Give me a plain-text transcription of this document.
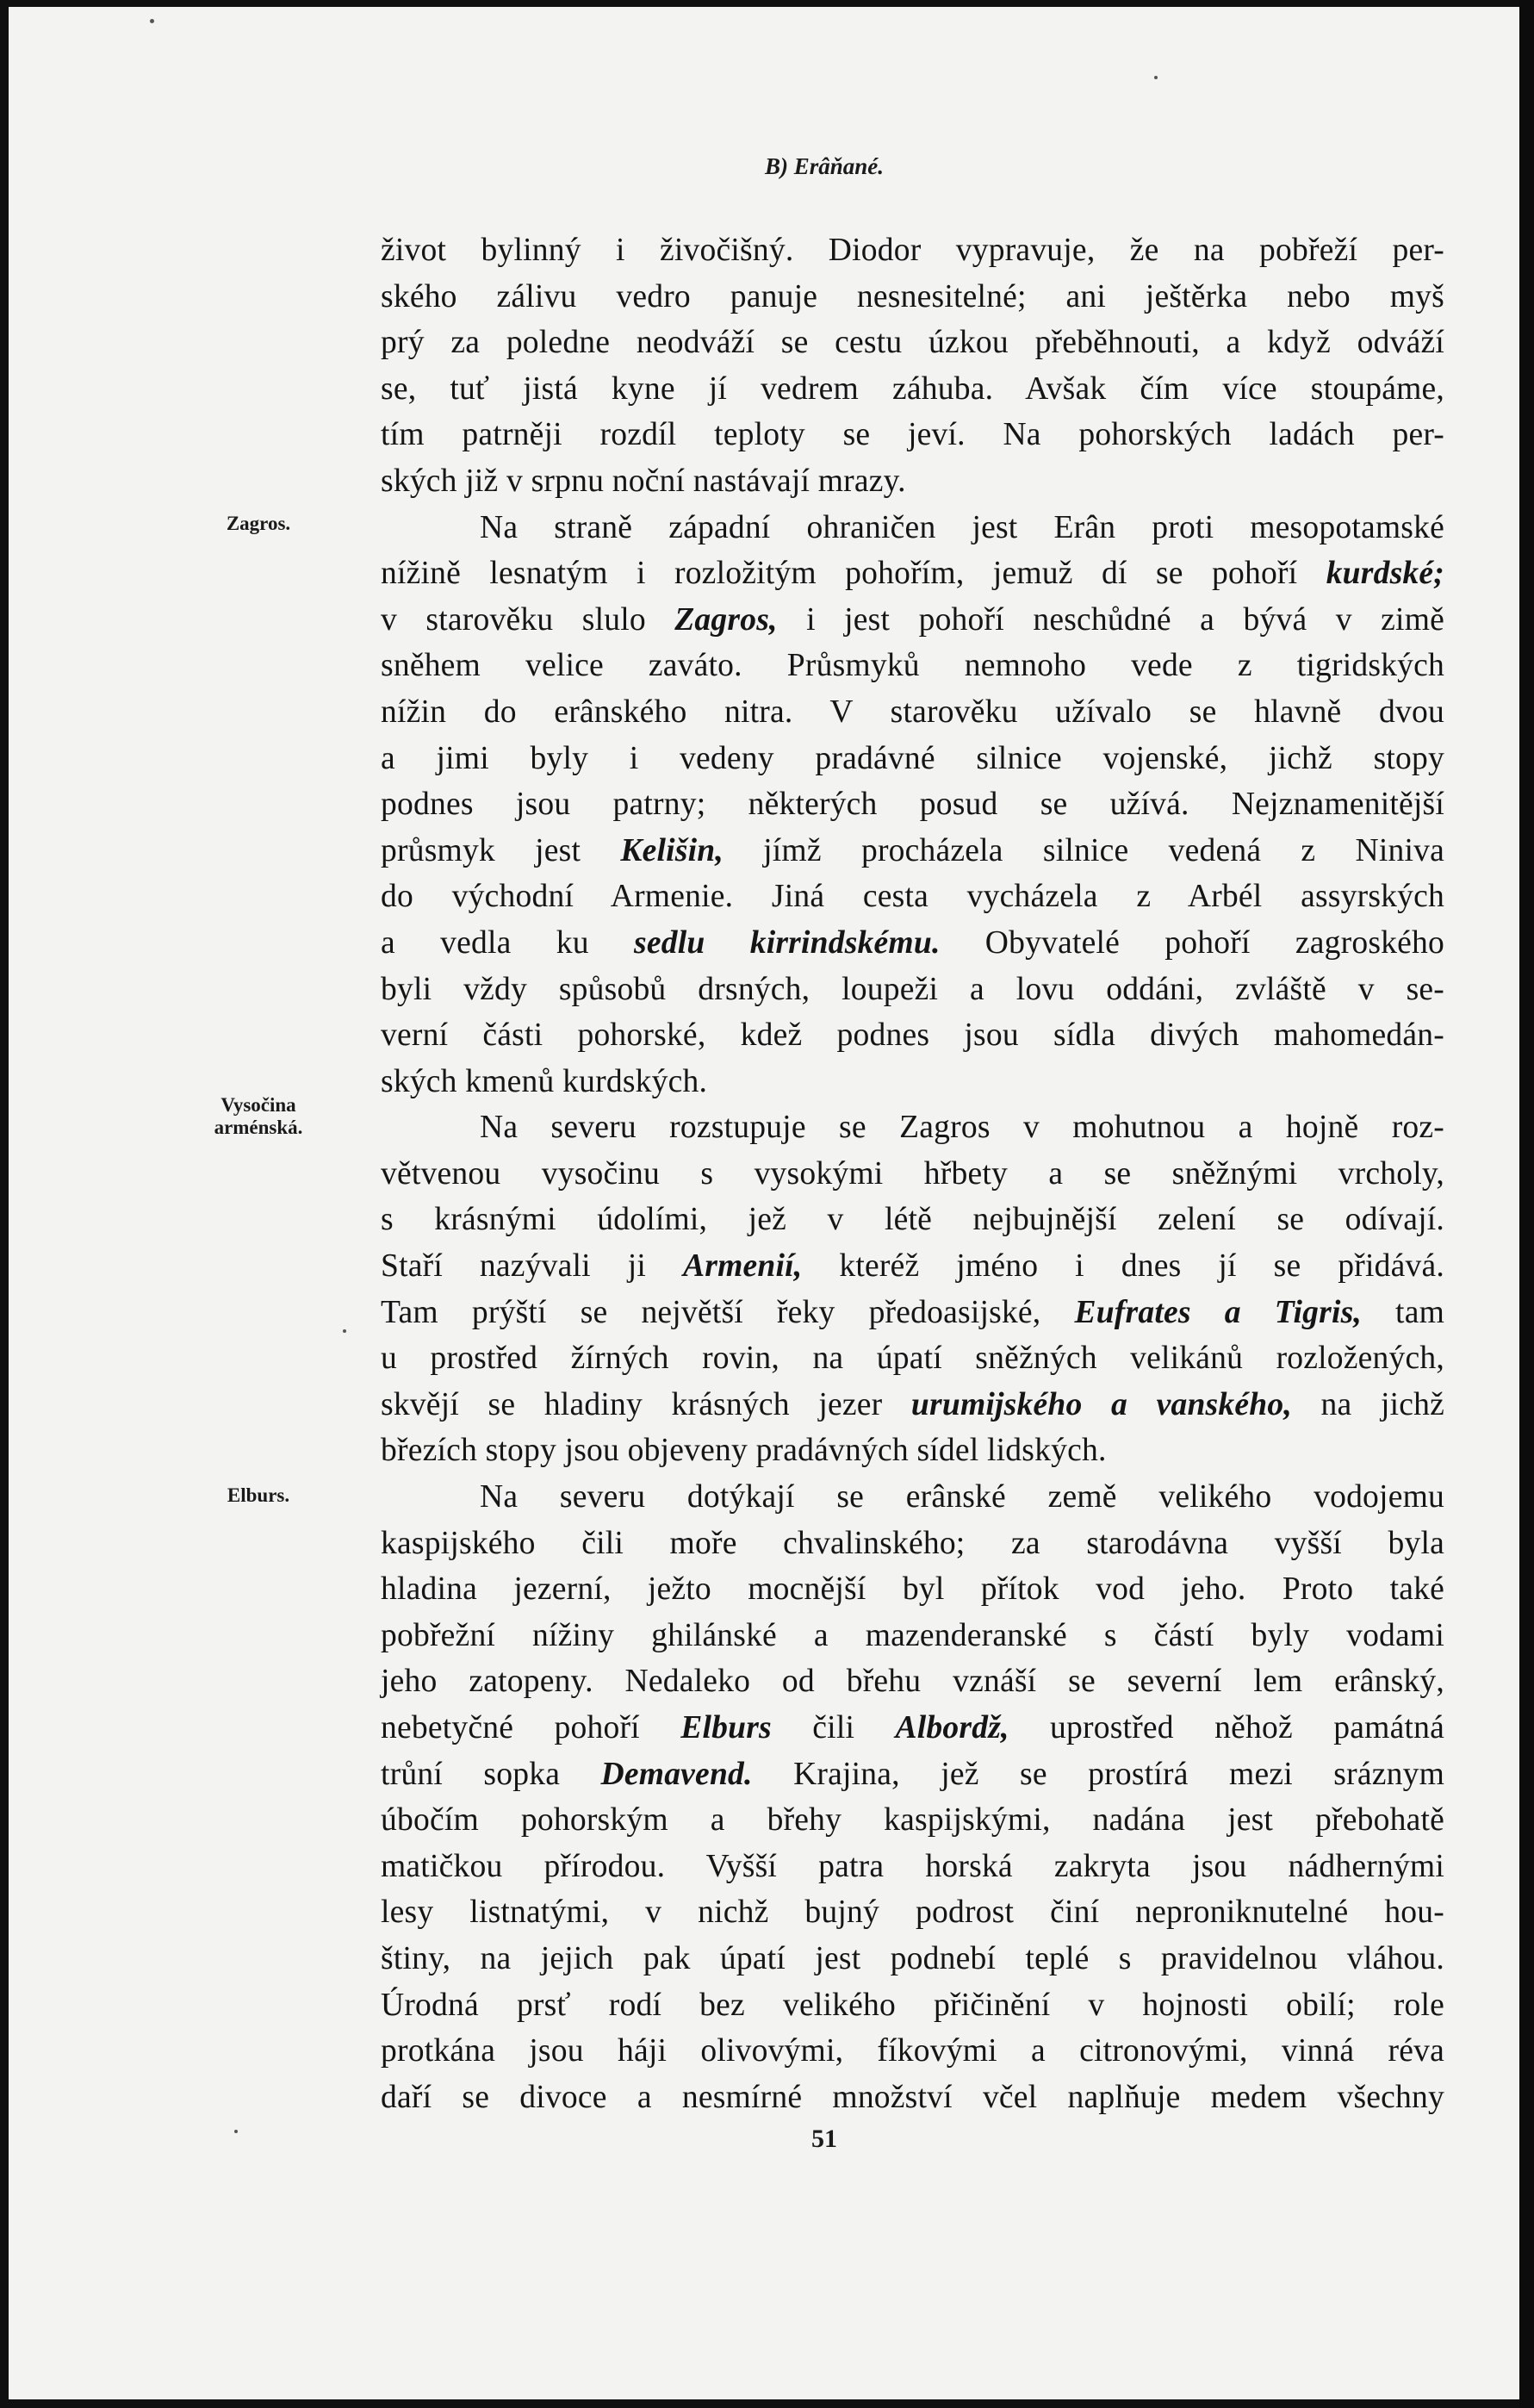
B) Erâňané.
Zagros.
Vysočina
arménská.
Elburs.
život bylinný i živočišný. Diodor vypravuje, že na pobřeží per-
ského zálivu vedro panuje nesnesitelné; ani ještěrka nebo myš
prý za poledne neodváží se cestu úzkou přeběhnouti, a když odváží
se, tuť jistá kyne jí vedrem záhuba. Avšak čím více stoupáme,
tím patrněji rozdíl teploty se jeví. Na pohorských ladách per-
ských již v srpnu noční nastávají mrazy.
Na straně západní ohraničen jest Erân proti mesopotamské
nížině lesnatým i rozložitým pohořím, jemuž dí se pohoří kurdské;
v starověku slulo Zagros, i jest pohoří neschůdné a bývá v zimě
sněhem velice zaváto. Průsmyků nemnoho vede z tigridských
nížin do erânského nitra. V starověku užívalo se hlavně dvou
a jimi byly i vedeny pradávné silnice vojenské, jichž stopy
podnes jsou patrny; některých posud se užívá. Nejznamenitější
průsmyk jest Kelišin, jímž procházela silnice vedená z Niniva
do východní Armenie. Jiná cesta vycházela z Arbél assyrských
a vedla ku sedlu kirrindskému. Obyvatelé pohoří zagroského
byli vždy spůsobů drsných, loupeži a lovu oddáni, zvláště v se-
verní části pohorské, kdež podnes jsou sídla divých mahomedán-
ských kmenů kurdských.
Na severu rozstupuje se Zagros v mohutnou a hojně roz-
větvenou vysočinu s vysokými hřbety a se sněžnými vrcholy,
s krásnými údolími, jež v létě nejbujnější zelení se odívají.
Staří nazývali ji Armenií, kteréž jméno i dnes jí se přidává.
Tam prýští se největší řeky předoasijské, Eufrates a Tigris, tam
u prostřed žírných rovin, na úpatí sněžných velikánů rozložených,
skvějí se hladiny krásných jezer urumijského a vanského, na jichž
březích stopy jsou objeveny pradávných sídel lidských.
Na severu dotýkají se erânské země velikého vodojemu
kaspijského čili moře chvalinského; za starodávna vyšší byla
hladina jezerní, ježto mocnější byl přítok vod jeho. Proto také
pobřežní nížiny ghilánské a mazenderanské s částí byly vodami
jeho zatopeny. Nedaleko od břehu vznáší se severní lem erânský,
nebetyčné pohoří Elburs čili Albordž, uprostřed něhož památná
trůní sopka Demavend. Krajina, jež se prostírá mezi sráznym
úbočím pohorským a břehy kaspijskými, nadána jest přebohatě
matičkou přírodou. Vyšší patra horská zakryta jsou nádhernými
lesy listnatými, v nichž bujný podrost činí neproniknutelné hou-
štiny, na jejich pak úpatí jest podnebí teplé s pravidelnou vláhou.
Úrodná prsť rodí bez velikého přičinění v hojnosti obilí; role
protkána jsou háji olivovými, fíkovými a citronovými, vinná réva
daří se divoce a nesmírné množství včel naplňuje medem všechny
51
